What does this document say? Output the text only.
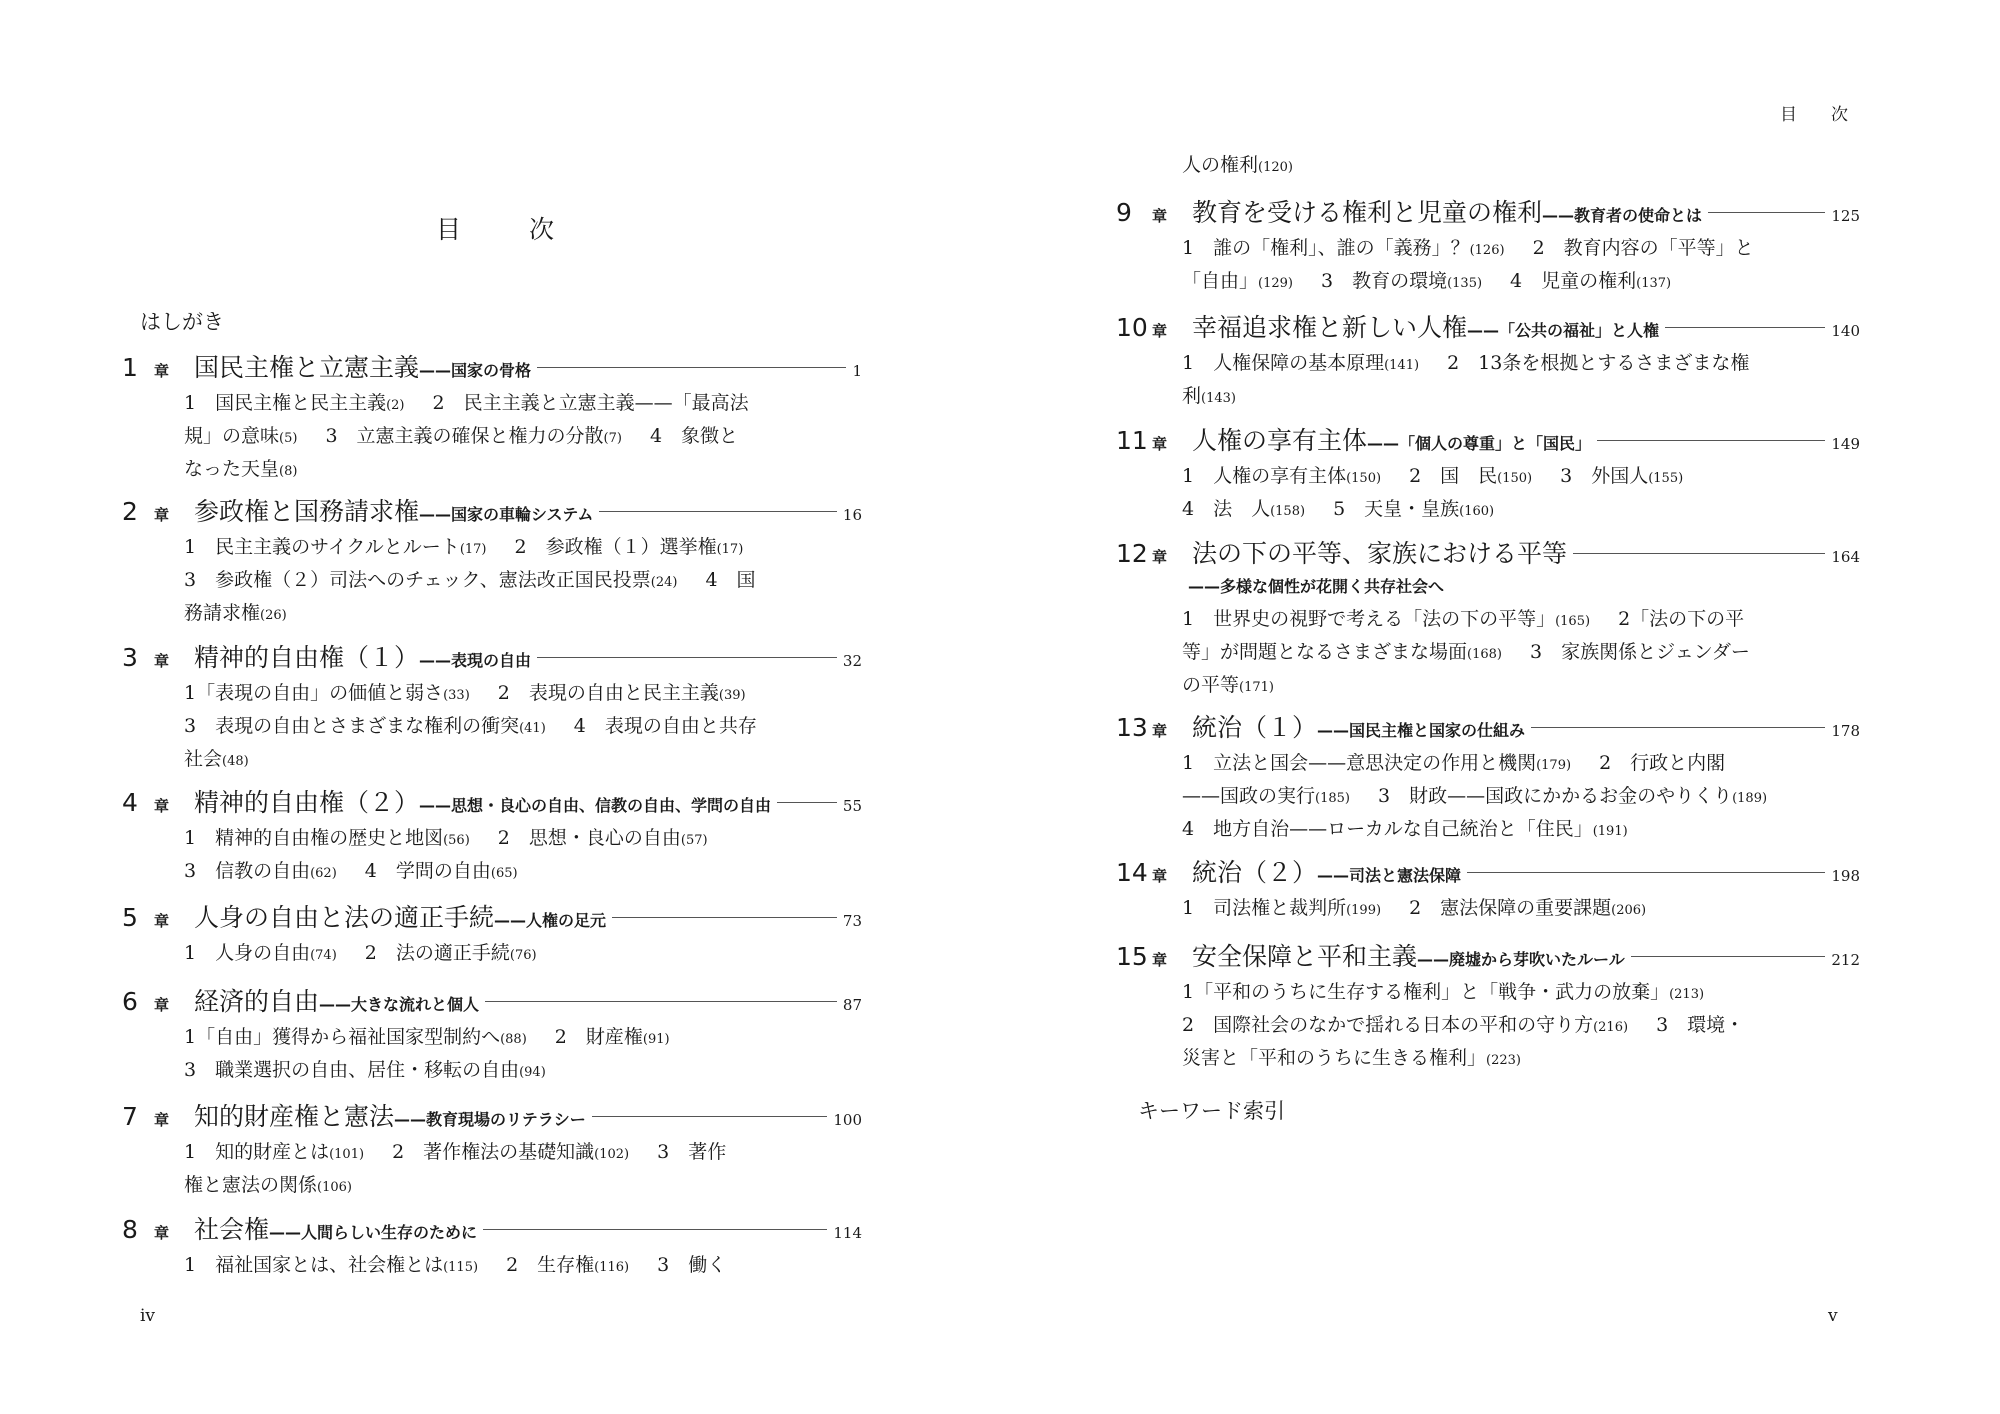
目	次
はしがき
1	章 国民主権と立憲主義 ——国家の骨格	1
1　国民主権と民主主義(2) 2　民主主義と立憲主義——「最高法
規」の意味(5) 3　立憲主義の確保と権力の分散(7) 4　象徴と
なった天皇(8)
2	章 参政権と国務請求権 ——国家の車輪システム	16
1　民主主義のサイクルとルート(17) 2　参政権（１）選挙権(17)
3　参政権（２）司法へのチェック、憲法改正国民投票(24) 4　国
務請求権(26)
3	章 精神的自由権（１） ——表現の自由	32
1「表現の自由」の価値と弱さ(33) 2　表現の自由と民主主義(39)
3　表現の自由とさまざまな権利の衝突(41) 4　表現の自由と共存
社会(48)
4	章 精神的自由権（２） ——思想・良心の自由、信教の自由、学問の自由	55
1　精神的自由権の歴史と地図(56) 2　思想・良心の自由(57)
3　信教の自由(62) 4　学問の自由(65)
5	章 人身の自由と法の適正手続 ——人権の足元	73
1　人身の自由(74) 2　法の適正手続(76)
6	章 経済的自由 ——大きな流れと個人	87
1「自由」獲得から福祉国家型制約へ(88) 2　財産権(91)
3　職業選択の自由、居住・移転の自由(94)
7	章 知的財産権と憲法 ——教育現場のリテラシー	100
1　知的財産とは(101) 2　著作権法の基礎知識(102) 3　著作
権と憲法の関係(106)
8	章 社会権 ——人間らしい生存のために	114
1　福祉国家とは、社会権とは(115) 2　生存権(116) 3　働く
iv
目 次
人の権利(120)
9	章 教育を受ける権利と児童の権利 ——教育者の使命とは	125
1　誰の「権利」、誰の「義務」？(126) 2　教育内容の「平等」と
「自由」(129) 3　教育の環境(135) 4　児童の権利(137)
10 章 幸福追求権と新しい人権 ——「公共の福祉」と人権	140
1　人権保障の基本原理(141) 2　13条を根拠とするさまざまな権
利(143)
11 章 人権の享有主体 ——「個人の尊重」と「国民」	149
1　人権の享有主体(150) 2　国　民(150) 3　外国人(155)
4　法　人(158) 5　天皇・皇族(160)
12 章 法の下の平等、家族における平等	164
——多様な個性が花開く共存社会へ
1　世界史の視野で考える「法の下の平等」(165) 2「法の下の平
等」が問題となるさまざまな場面(168) 3　家族関係とジェンダー
の平等(171)
13 章 統治（１） ——国民主権と国家の仕組み	178
1　立法と国会——意思決定の作用と機関(179) 2　行政と内閣
——国政の実行(185) 3　財政——国政にかかるお金のやりくり(189)
4　地方自治——ローカルな自己統治と「住民」(191)
14 章 統治（２） ——司法と憲法保障	198
1　司法権と裁判所(199) 2　憲法保障の重要課題(206)
15 章 安全保障と平和主義 ——廃墟から芽吹いたルール	212
1「平和のうちに生存する権利」と「戦争・武力の放棄」(213)
2　国際社会のなかで揺れる日本の平和の守り方(216) 3　環境・
災害と「平和のうちに生きる権利」(223)
キーワード索引
v
